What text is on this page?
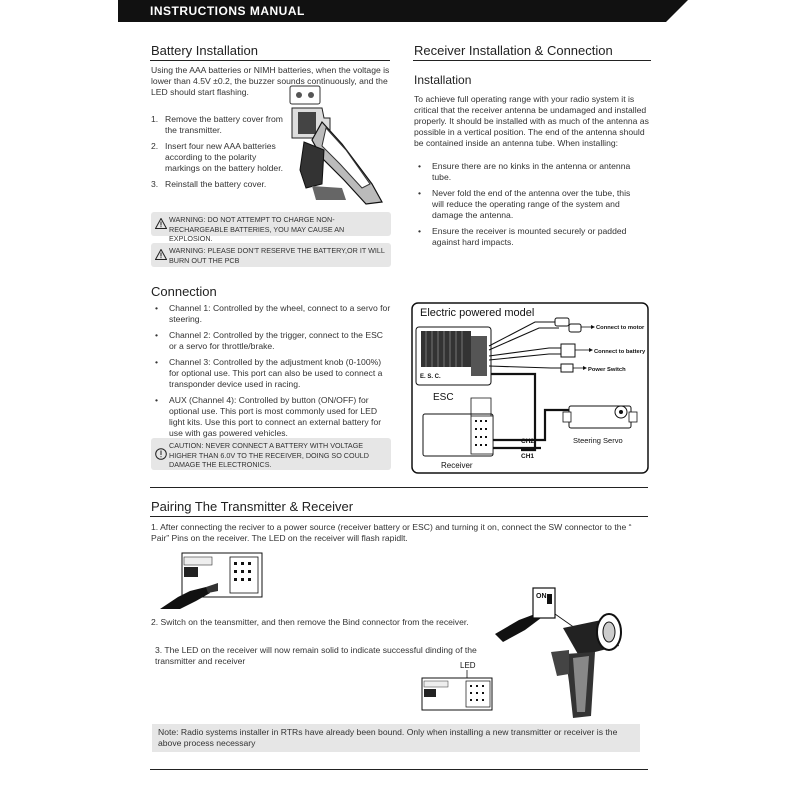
INSTRUCTIONS MANUAL
Battery Installation
Using the AAA batteries or NIMH batteries, when the voltage is lower than 4.5V ±0.2, the buzzer sounds continuously, and the LED should start flashing.
1. Remove the battery cover from the transmitter.
2. Insert four new AAA batteries according to the polarity markings on the battery holder.
3. Reinstall the battery cover.
WARNING: DO NOT ATTEMPT TO CHARGE NON-RECHARGEABLE BATTERIES, YOU MAY CAUSE AN EXPLOSION.
WARNING: PLEASE DON'T RESERVE THE BATTERY,OR IT WILL BURN OUT THE PCB
Receiver Installation & Connection
Installation
To achieve full operating range with your radio system it is critical that the receiver antenna be undamaged and installed properly. It should be installed with as much of the antenna as possible in a vertical position. The end of the antenna should be contained inside an antenna tube. When installing:
• Ensure there are no kinks in the antenna or antenna tube.
• Never fold the end of the antenna over the tube, this will reduce the operating range of the system and damage the antenna.
• Ensure the receiver is mounted securely or padded against hard impacts.
Connection
• Channel 1: Controlled by the wheel, connect to a servo for steering.
• Channel 2: Controlled by the trigger, connect to the ESC or a servo for throttle/brake.
• Channel 3: Controlled by the adjustment knob (0-100%) for optional use. This port can also be used to connect a transponder device used in racing.
• AUX (Channel 4): Controlled by button (ON/OFF) for optional use. This port is most commonly used for LED light kits. Use this port to connect an external battery for use with gas powered vehicles.
CAUTION: NEVER CONNECT A BATTERY WITH VOLTAGE HIGHER THAN 6.0V TO THE RECEIVER, DOING SO COULD DAMAGE THE ELECTRONICS.
Electric powered model
E. S. C.
ESC
Connect to motor
Connect to battery
Power Switch
Receiver
CH2
CH1
Steering Servo
Pairing The Transmitter & Receiver
1. After connecting the reciver to a power source (receiver battery or ESC) and turning it on, connect the SW connector to the “ Pair” Pins on the receiver. The LED on the receiver will flash rapidlt.
2. Switch on the teansmitter, and then remove the Bind connector from the receiver.
3. The LED on the receiver will now remain solid to indicate successful dinding of the transmitter and receiver	LED
ON
Note: Radio systems installer in RTRs have already been bound. Only when installing a new transmitter or receiver is the above process necessary
